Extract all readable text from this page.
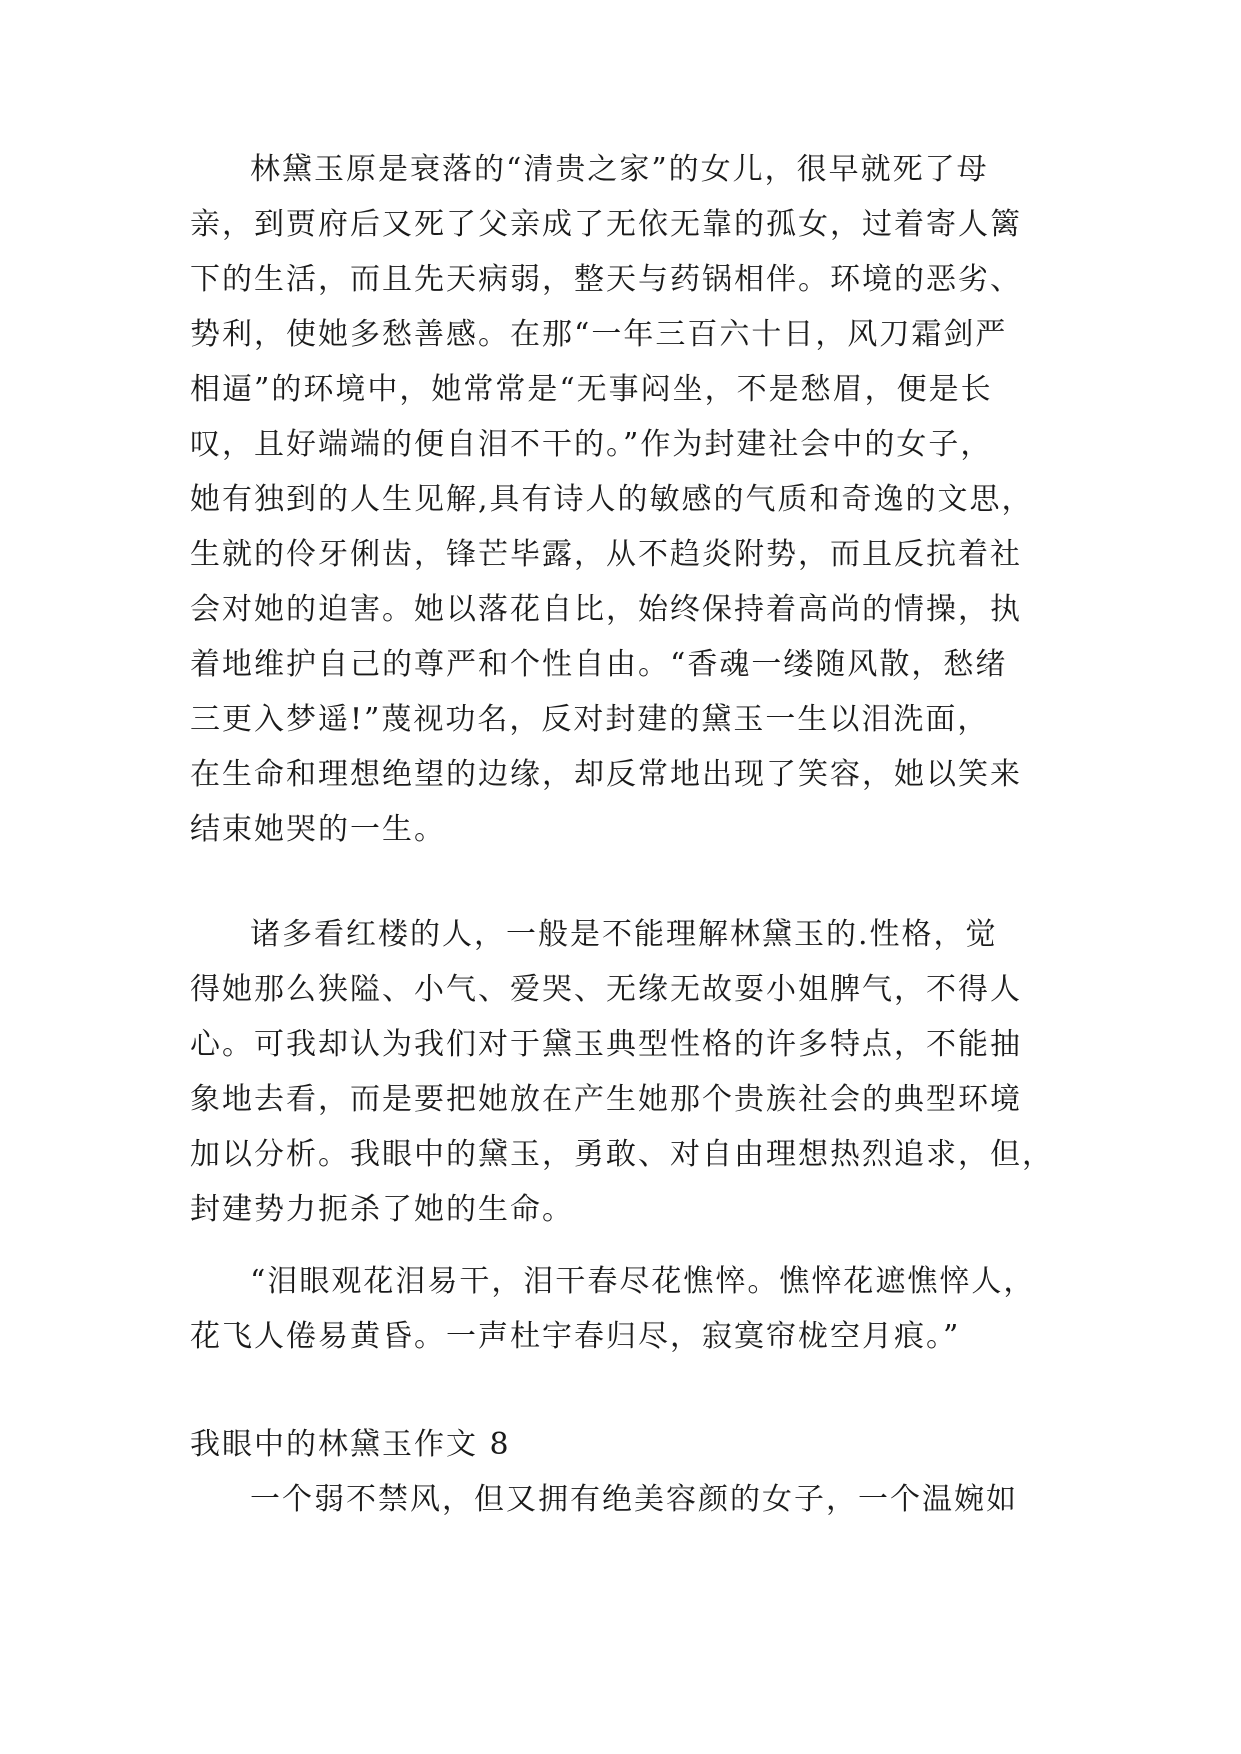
林黛玉原是衰落的“清贵之家”的女儿，很早就死了母
亲，到贾府后又死了父亲成了无依无靠的孤女，过着寄人篱
下的生活，而且先天病弱，整天与药锅相伴。环境的恶劣、
势利，使她多愁善感。在那“一年三百六十日，风刀霜剑严
相逼”的环境中，她常常是“无事闷坐，不是愁眉，便是长
叹，且好端端的便自泪不干的。”作为封建社会中的女子，
她有独到的人生见解,具有诗人的敏感的气质和奇逸的文思，
生就的伶牙俐齿，锋芒毕露，从不趋炎附势，而且反抗着社
会对她的迫害。她以落花自比，始终保持着高尚的情操，执
着地维护自己的尊严和个性自由。“香魂一缕随风散，愁绪
三更入梦遥!”蔑视功名，反对封建的黛玉一生以泪洗面，
在生命和理想绝望的边缘，却反常地出现了笑容，她以笑来
结束她哭的一生。
诸多看红楼的人，一般是不能理解林黛玉的.性格，觉
得她那么狭隘、小气、爱哭、无缘无故耍小姐脾气，不得人
心。可我却认为我们对于黛玉典型性格的许多特点，不能抽
象地去看，而是要把她放在产生她那个贵族社会的典型环境
加以分析。我眼中的黛玉，勇敢、对自由理想热烈追求，但，
封建势力扼杀了她的生命。
“泪眼观花泪易干，泪干春尽花憔悴。憔悴花遮憔悴人，
花飞人倦易黄昏。一声杜宇春归尽，寂寞帘栊空月痕。”
我眼中的林黛玉作文 8
一个弱不禁风，但又拥有绝美容颜的女子，一个温婉如
